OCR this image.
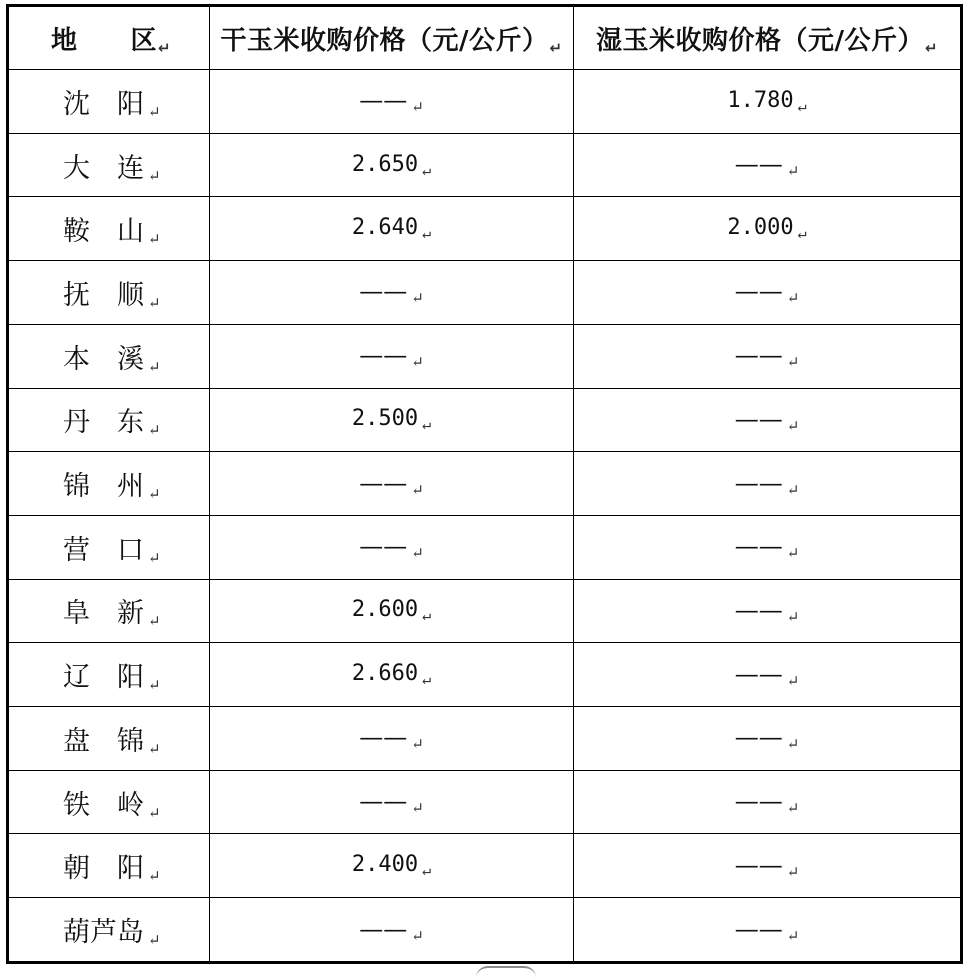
地　　区↵	干玉米收购价格（元/公斤）↵	湿玉米收购价格（元/公斤）↵
沈　阳 ↵	—— ↵	1.780 ↵
大　连 ↵	2.650 ↵	—— ↵
鞍　山 ↵	2.640 ↵	2.000 ↵
抚　顺 ↵	—— ↵	—— ↵
本　溪 ↵	—— ↵	—— ↵
丹　东 ↵	2.500 ↵	—— ↵
锦　州 ↵	—— ↵	—— ↵
营　口 ↵	—— ↵	—— ↵
阜　新 ↵	2.600 ↵	—— ↵
辽　阳 ↵	2.660 ↵	—— ↵
盘　锦 ↵	—— ↵	—— ↵
铁　岭 ↵	—— ↵	—— ↵
朝　阳 ↵	2.400 ↵	—— ↵
葫芦岛 ↵	—— ↵	—— ↵
